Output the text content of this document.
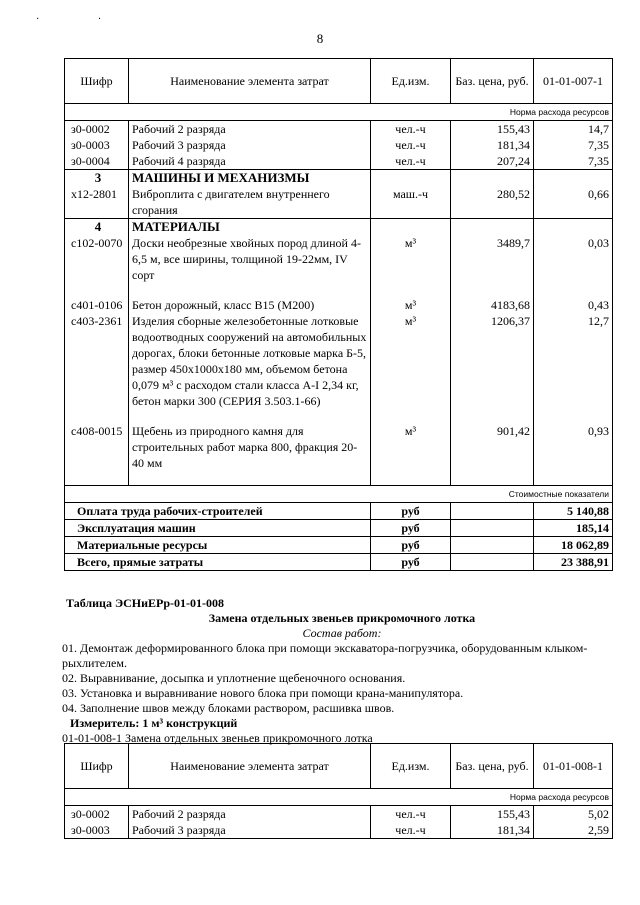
· ·
8
Шифр	Наименование элемента затрат	Ед.изм.	Баз. цена, руб.	01-01-007-1
Норма расхода ресурсов				
з0-0002	Рабочий 2 разряда	чел.-ч	155,43	14,7
з0-0003	Рабочий 3 разряда	чел.-ч	181,34	7,35
з0-0004	Рабочий 4 разряда	чел.-ч	207,24	7,35
3	МАШИНЫ И МЕХАНИЗМЫ			
х12-2801	Виброплита с двигателем внутреннего сгорания	маш.-ч	280,52	0,66
4	МАТЕРИАЛЫ			
с102-0070	Доски необрезные хвойных пород длиной 4-6,5 м, все ширины, толщиной 19-22мм, IV сорт	м³	3489,7	0,03

с401-0106	Бетон дорожный, класс B15 (M200)	м³	4183,68	0,43
с403-2361	Изделия сборные железобетонные лотковые водоотводных сооружений на автомобильных дорогах, блоки бетонные лотковые марка Б-5, размер 450x1000x180 мм, объемом бетона 0,079 м³ с расходом стали класса А-I 2,34 кг, бетон марки 300 (СЕРИЯ 3.503.1-66)	м³	1206,37	12,7

с408-0015	Щебень из природного камня для строительных работ марка 800, фракция 20-40 мм	м³	901,42	0,93

Стоимостные показатели				
Оплата труда рабочих-строителей		руб		5 140,88
Эксплуатация машин		руб		185,14
Материальные ресурсы		руб		18 062,89
Всего, прямые затраты		руб		23 388,91
Таблица ЭСНиЕРр-01-01-008
Замена отдельных звеньев прикромочного лотка
Состав работ:
01. Демонтаж деформированного блока при помощи экскаватора-погрузчика, оборудованным клыком-рыхлителем.
02. Выравнивание, досыпка и уплотнение щебеночного основания.
03. Установка и выравнивание нового блока при помощи крана-манипулятора.
04. Заполнение швов между блоками раствором, расшивка швов.
Измеритель: 1 м³ конструкций
01-01-008-1 Замена отдельных звеньев прикромочного лотка
Шифр	Наименование элемента затрат	Ед.изм.	Баз. цена, руб.	01-01-008-1
Норма расхода ресурсов				
з0-0002	Рабочий 2 разряда	чел.-ч	155,43	5,02
з0-0003	Рабочий 3 разряда	чел.-ч	181,34	2,59
